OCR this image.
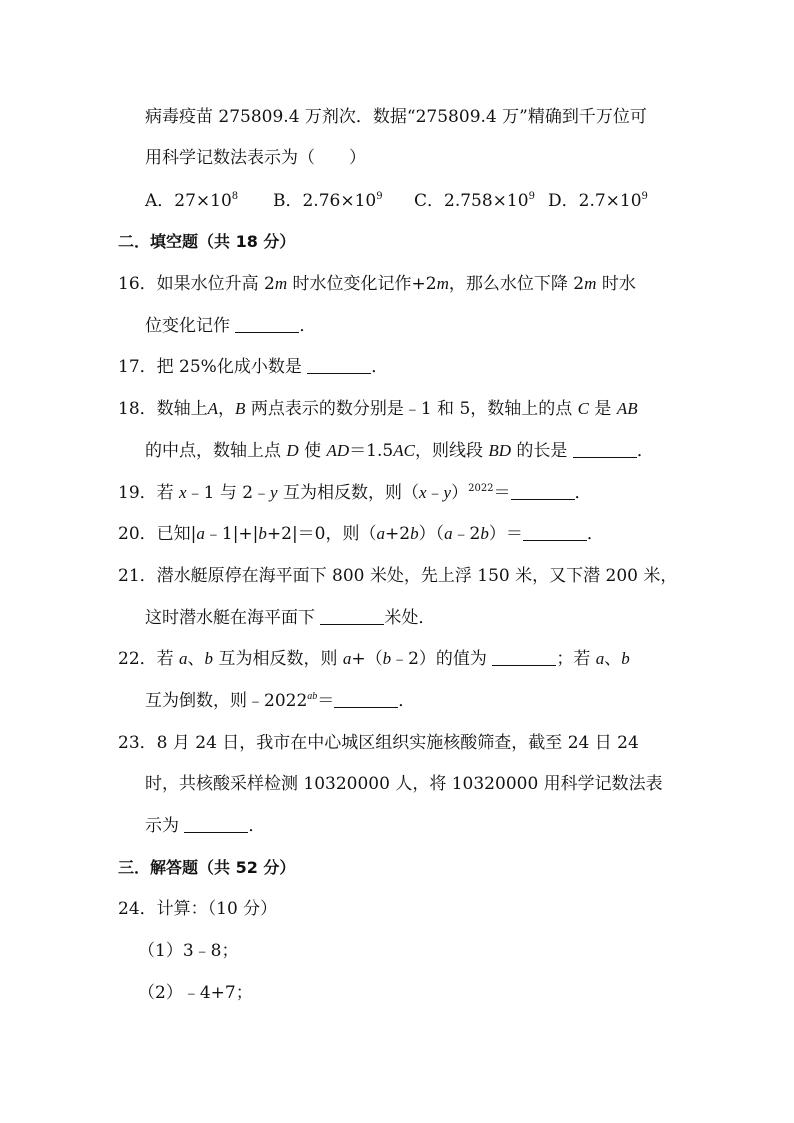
病毒疫苗 275809.4 万剂次．数据“275809.4 万”精确到千万位可
用科学记数法表示为（　　）
A．$27\times 10^8$ B．$2.76\times 10^9$ C．$2.758\times 10^9$ D．$2.7\times 10^9$
二．填空题（共 18 分）
16．如果水位升高 2m 时水位变化记作+2m，那么水位下降 2m 时水
位变化记作	．
17．把 25%化成小数是	．
18．数轴上A，B 两点表示的数分别是﹣1 和 5，数轴上的点 C 是 AB
的中点，数轴上点 D 使 AD＝1.5AC，则线段 BD 的长是	．
19．若 x﹣1 与 2﹣y 互为相反数，则（x﹣y）$^{2022}$＝	．
20．已知|a﹣1|+|b+2|＝0，则（a+2b）（a﹣2b）＝	．
21．潜水艇原停在海平面下 800 米处，先上浮 150 米，又下潜 200 米，
这时潜水艇在海平面下	米处．
22．若 a、b 互为相反数，则 a+（b﹣2）的值为	；若 a、b
互为倒数，则$﹣2022^{ab}=$	．
23．8 月 24 日，我市在中心城区组织实施核酸筛查，截至 24 日 24
时，共核酸采样检测 10320000 人，将 10320000 用科学记数法表
示为	．
三．解答题（共 52 分）
24．计算：（10 分）
（1）3﹣8；
（2）﹣4+7；
